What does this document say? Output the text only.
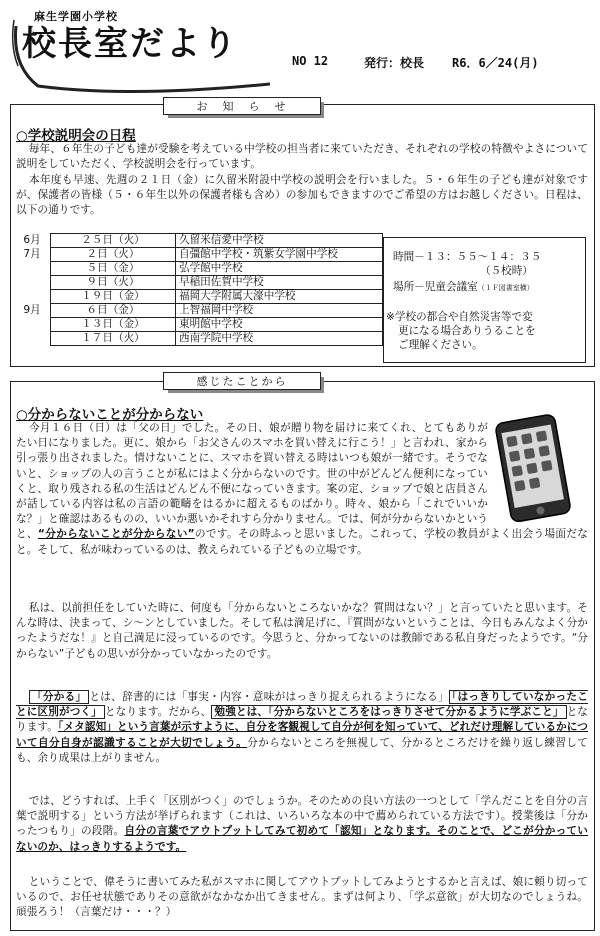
麻生学園小学校
校長室だより	NO 12	発行：校長 R6．6／24(月)
お　知　ら　せ
○学校説明会の日程
毎年、６年生の子ども達が受験を考えている中学校の担当者に来ていただき、それぞれの学校の特徴やよさについて説明をしていただく、学校説明会を行っています。
本年度も早速、先週の２１日（金）に久留米附設中学校の説明会を行いました。５・６年生の子ども達が対象ですが、保護者の皆様（５・６年生以外の保護者様も含め）の参加もできますのでご希望の方はお越しください。日程は、以下の通りです。
6月	２５日（火）	久留米信愛中学校
7月	２日（火）	自彊館中学校・筑紫女学園中学校
	５日（金）	弘学館中学校
	９日（火）	早稲田佐賀中学校
	１９日（金）	福岡大学附属大濠中学校
9月	６日（金）	上智福岡中学校
	１３日（金）	東明館中学校
	１７日（火）	西南学院中学校
時間－１３：５５～１４：３５
（５校時）
場所－児童会議室（１Ｆ図書室横）
※学校の都合や自然災害等で変
更になる場合ありうることを
ご理解ください。
感じたことから
○分からないことが分からない
今月１６日（日）は「父の日」でした。その日、娘が贈り物を届けに来てくれ、とてもありがたい日になりました。更に、娘から「お父さんのスマホを買い替えに行こう！」と言われ、家から引っ張り出されました。情けないことに、スマホを買い替える時はいつも娘が一緒です。そうでないと、ショップの人の言うことが私にはよく分からないのです。世の中がどんどん便利になっていくと、取り残される私の生活はどんどん不便になっていきます。案の定、ショップで娘と店員さんが話している内容は私の言語の範疇をはるかに超えるものばかり。時々、娘から「これでいいかな？」と確認はあるものの、いいか悪いかそれすら分かりません。では、何が分からないかというと、“分からないことが分からない”のです。その時ふっと思いました。これって、学校の教員がよく出会う場面だなと。そして、私が味わっているのは、教えられている子どもの立場です。
私は、以前担任をしていた時に、何度も「分からないところないかな？質問はない？」と言っていたと思います。そんな時は、決まって、シ～ンとしていました。そして私は満足げに、『質問がないということは、今日もみんなよく分かったようだな！』と自己満足に浸っているのです。今思うと、分かってないのは教師である私自身だったようです。“分からない”子どもの思いが分かっていなかったのです。
「分かる」 とは、辞書的には「事実・内容・意味がはっきり捉えられるようになる」 「はっきりしていなかったことに区別がつく」 となります。だから、 勉強とは、「分からないところをはっきりさせて分かるように学ぶこと」 となります。「メタ認知」という言葉が示すように、自分を客観視して自分が何を知っていて、どれだけ理解しているかについて自分自身が認識することが大切でしょう。分からないところを無視して、分かるところだけを繰り返し練習しても、余り成果は上がりません。
では、どうすれば、上手く「区別がつく」のでしょうか。そのための良い方法の一つとして「学んだことを自分の言葉で説明する」という方法が挙げられます（これは、いろいろな本の中で薦められている方法です）。授業後は「分かったつもり」の段階。自分の言葉でアウトプットしてみて初めて「認知」となります。そのことで、どこが分かっていないのか、はっきりするようです。
ということで、偉そうに書いてみた私がスマホに関してアウトプットしてみようとするかと言えば、娘に頼り切っているので、お任せ状態でありその意欲がなかなか出てきません。まずは何より、「学ぶ意欲」が大切なのでしょうね。頑張ろう！（言葉だけ・・・？）
